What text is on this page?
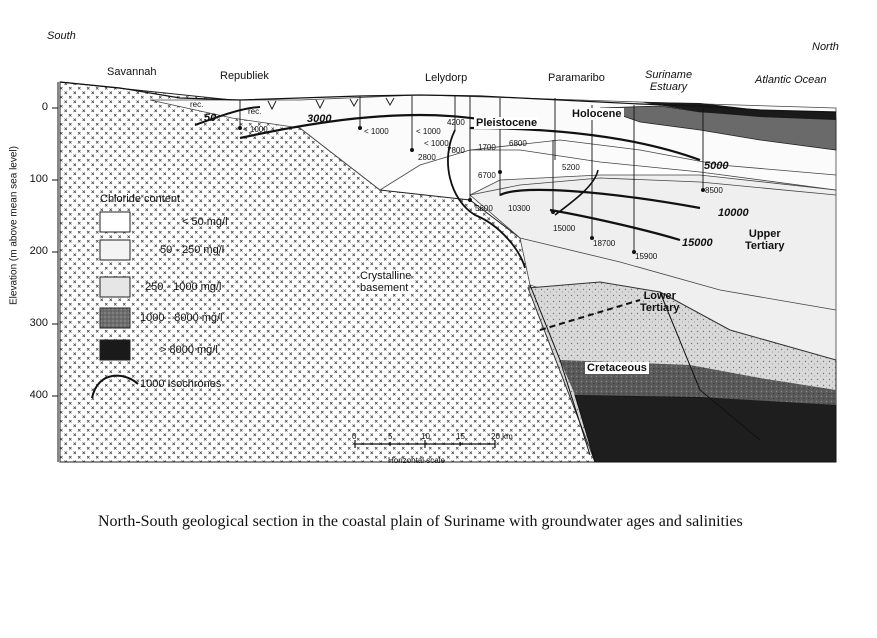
South
North
Savannah	Republiek	Lelydorp	Paramaribo	Suriname
Estuary
Atlantic Ocean
Elevation (m above mean sea level)
0
100
200
300
400
Chloride content
< 50 mg/l
50 - 250 mg/l
250 - 1000 mg/l
1000 - 8000 mg/l
> 8000 mg/l
1000 Isochrones
Pleistocene
Holocene
Upper
Tertiary
Lower
Tertiary
Cretaceous
Crystalline
basement
50	3000
5000
10000
15000
rec.
rec.
< 1000	< 1000	< 1000
< 1000
4200
2800
7800 1700 6800
6700
5200
8500
5600 10300
15000
18700
15900
0	5	10	15	20 km
Horizontal scale
North-South geological section in the coastal plain of Suriname with groundwater ages and salinities
